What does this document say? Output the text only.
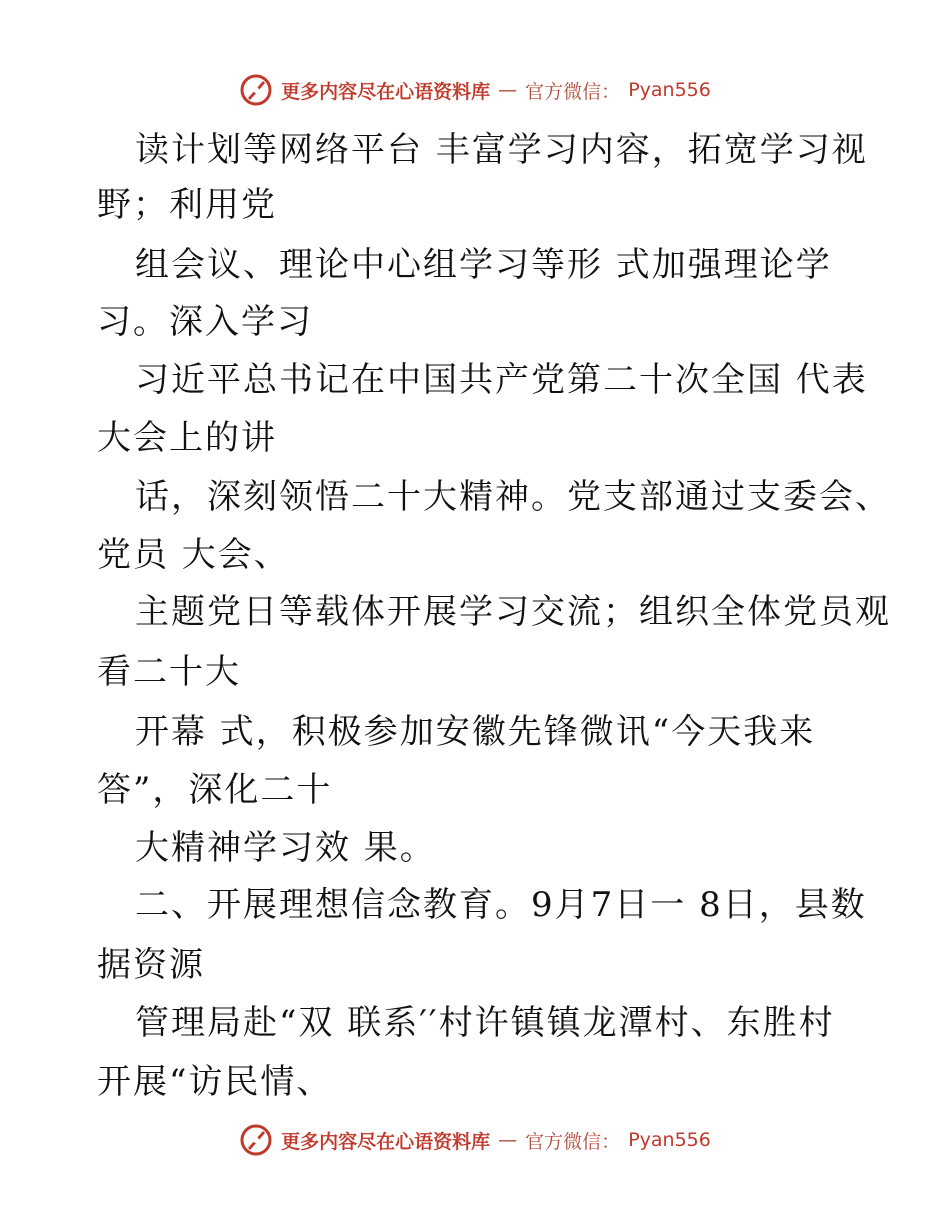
更多内容尽在心语资料库 — 官方微信： Pyan556
读计划等网络平台 丰富学习内容，拓宽学习视
野；利用党
组会议、理论中心组学习等形 式加强理论学
习。深入学习
习近平总书记在中国共产党第二十次全国 代表
大会上的讲
话，深刻领悟二十大精神。党支部通过支委会、
党员 大会、
主题党日等载体开展学习交流；组织全体党员观
看二十大
开幕 式，积极参加安徽先锋微讯“今天我来
答”，深化二十
大精神学习效 果。
二、开展理想信念教育。9月7日一 8日，县数
据资源
管理局赴“双 联系′′村许镇镇龙潭村、东胜村
开展“访民情、
更多内容尽在心语资料库 — 官方微信： Pyan556
